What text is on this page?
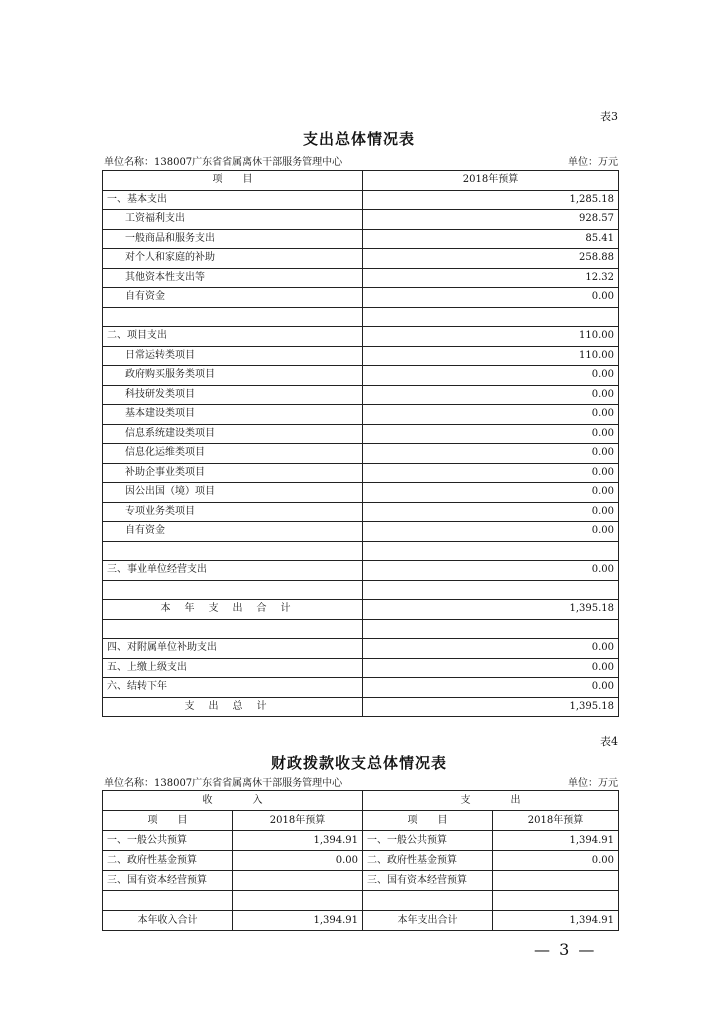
表3
支出总体情况表
单位名称：138007广东省省属离休干部服务管理中心	单位：万元
项　　目	2018年预算
一、基本支出	1,285.18
工资福利支出	928.57
一般商品和服务支出	85.41
对个人和家庭的补助	258.88
其他资本性支出等	12.32
自有资金	0.00

二、项目支出	110.00
日常运转类项目	110.00
政府购买服务类项目	0.00
科技研发类项目	0.00
基本建设类项目	0.00
信息系统建设类项目	0.00
信息化运维类项目	0.00
补助企事业类项目	0.00
因公出国（境）项目	0.00
专项业务类项目	0.00
自有资金	0.00

三、事业单位经营支出	0.00

本年支出合计	1,395.18

四、对附属单位补助支出	0.00
五、上缴上级支出	0.00
六、结转下年	0.00
支出总计	1,395.18
表4
财政拨款收支总体情况表
单位名称：138007广东省省属离休干部服务管理中心	单位：万元
收　　　　入		支　　　　出	
项　　目	2018年预算	项　　目	2018年预算
一、一般公共预算	1,394.91	一、一般公共预算	1,394.91
二、政府性基金预算	0.00	二、政府性基金预算	0.00
三、国有资本经营预算		三、国有资本经营预算	

本年收入合计	1,394.91	本年支出合计	1,394.91
— 3 —
